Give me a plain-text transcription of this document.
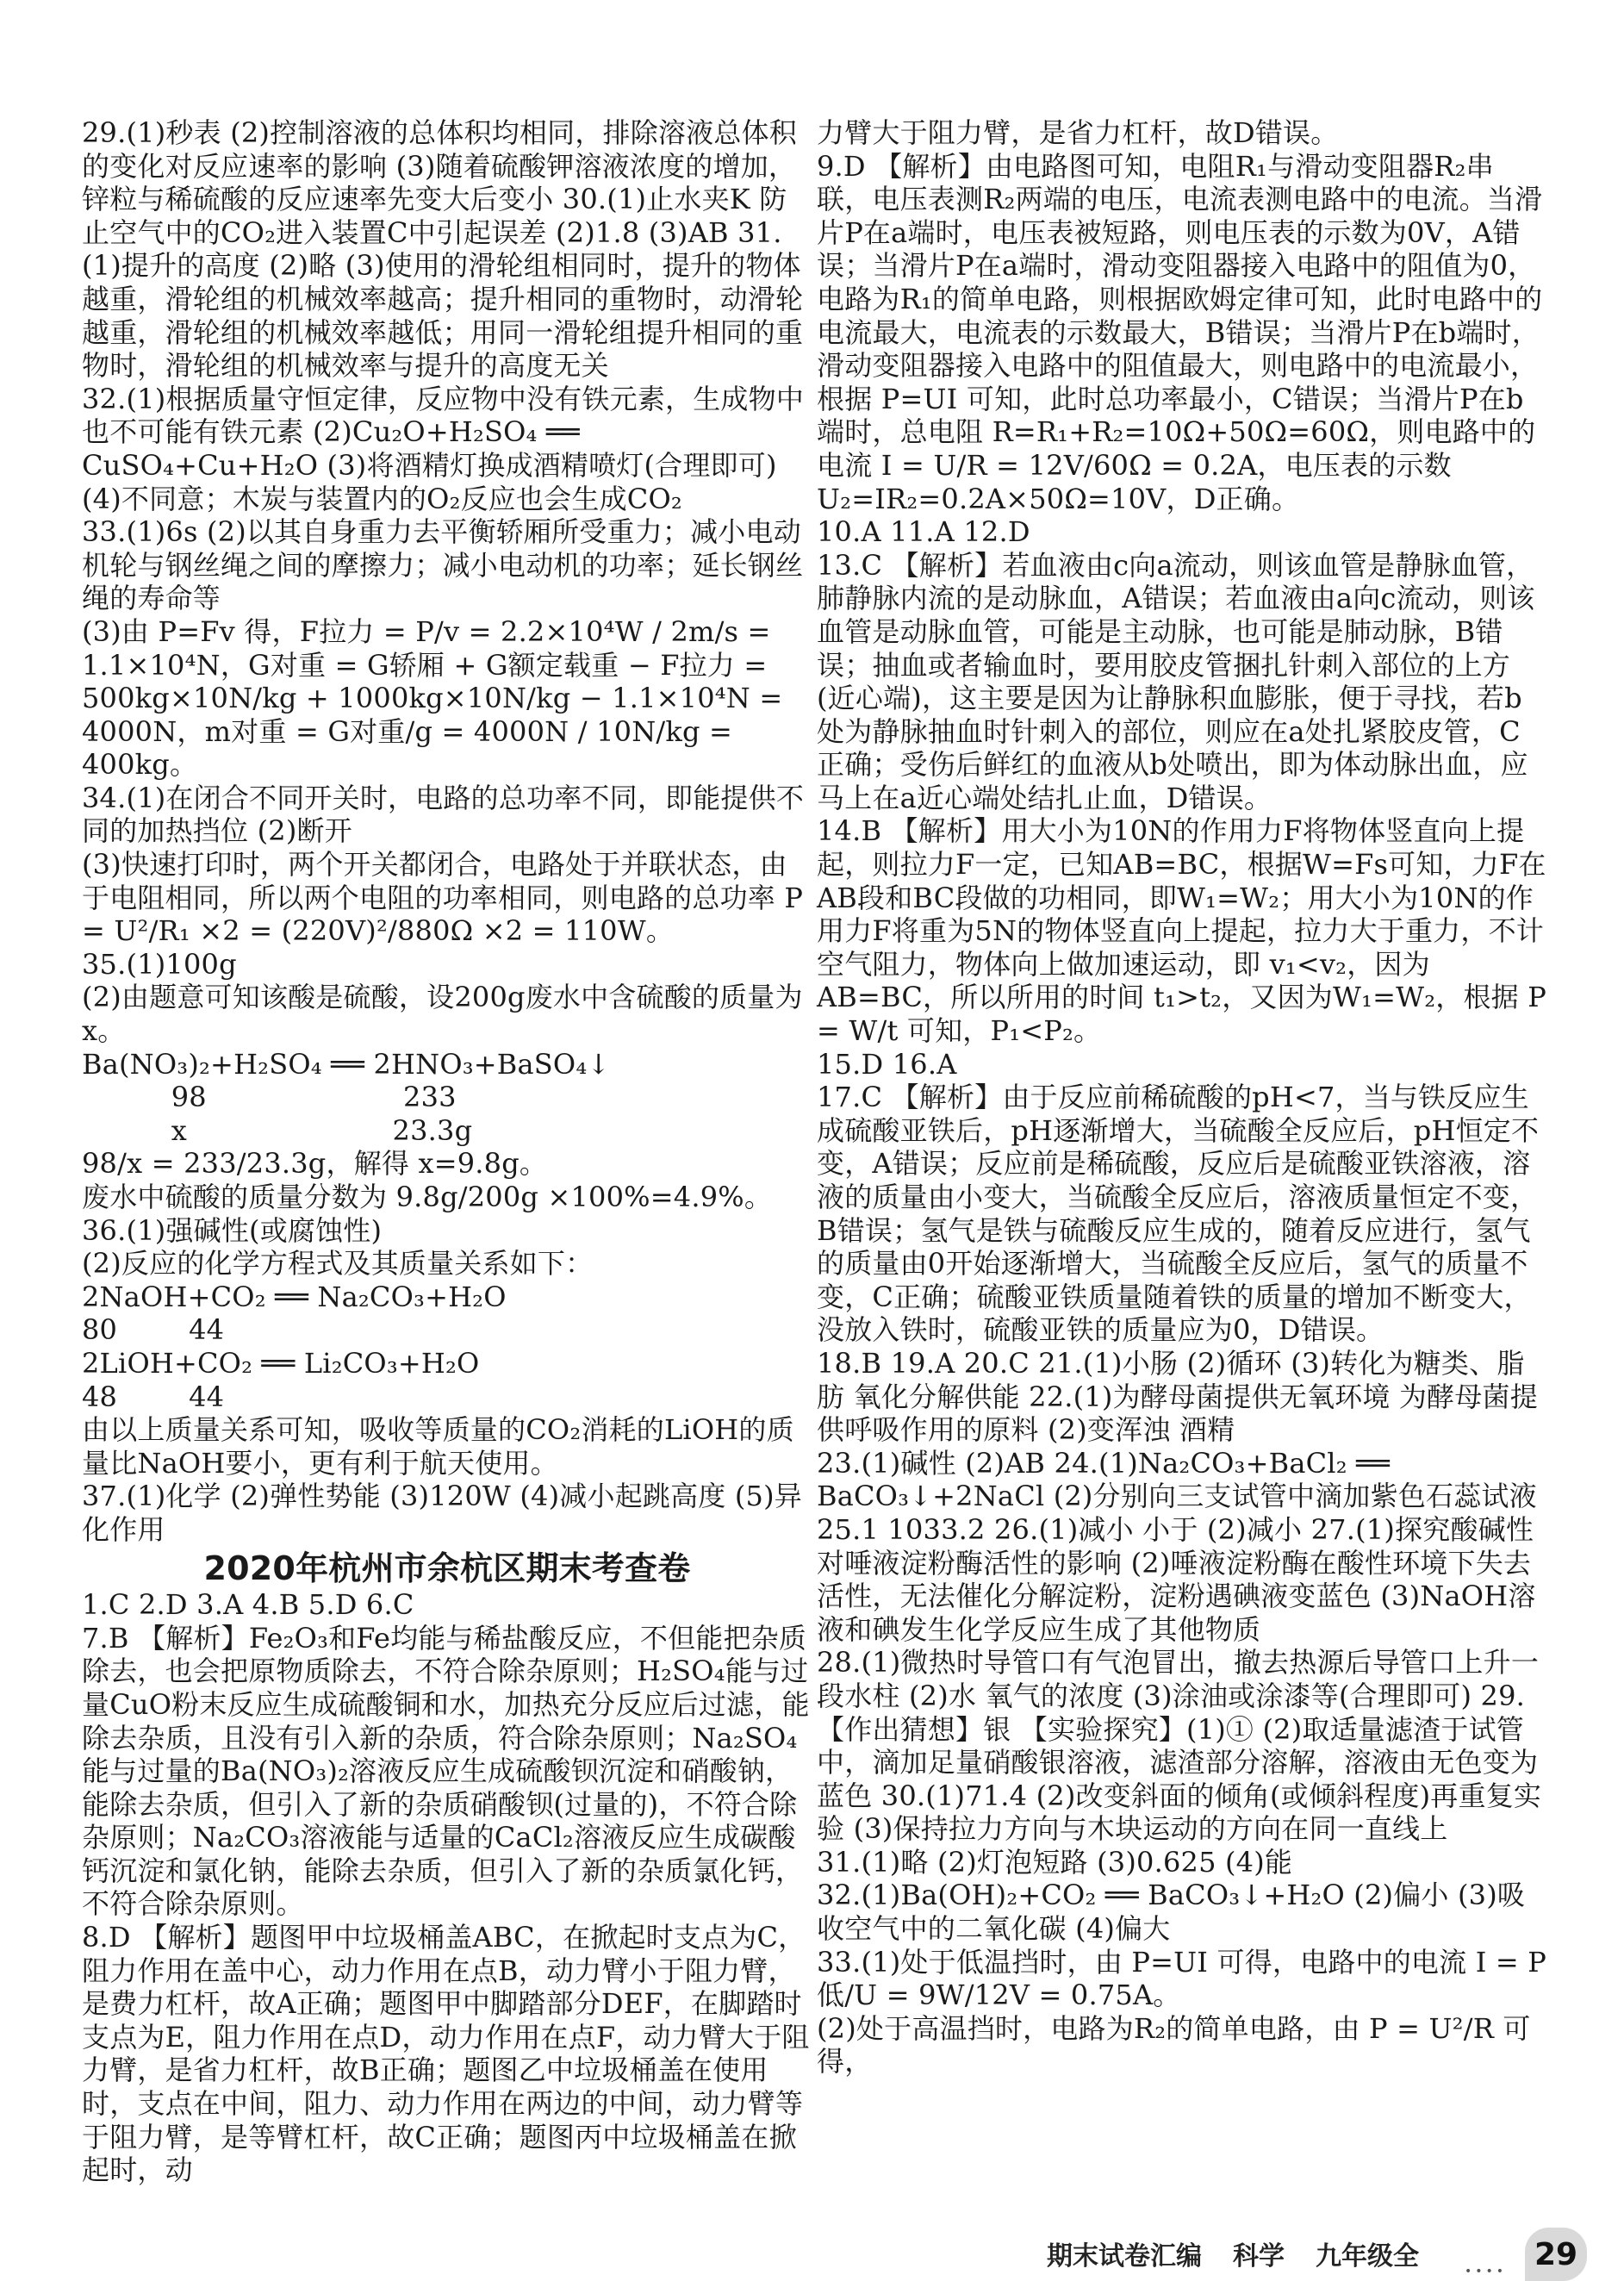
29.(1)秒表 (2)控制溶液的总体积均相同，排除溶液总体积的变化对反应速率的影响 (3)随着硫酸钾溶液浓度的增加，锌粒与稀硫酸的反应速率先变大后变小 30.(1)止水夹K 防止空气中的CO₂进入装置C中引起误差 (2)1.8 (3)AB 31.(1)提升的高度 (2)略 (3)使用的滑轮组相同时，提升的物体越重，滑轮组的机械效率越高；提升相同的重物时，动滑轮越重，滑轮组的机械效率越低；用同一滑轮组提升相同的重物时，滑轮组的机械效率与提升的高度无关
32.(1)根据质量守恒定律，反应物中没有铁元素，生成物中也不可能有铁元素 (2)Cu₂O+H₂SO₄ ══ CuSO₄+Cu+H₂O (3)将酒精灯换成酒精喷灯(合理即可) (4)不同意；木炭与装置内的O₂反应也会生成CO₂
33.(1)6s (2)以其自身重力去平衡轿厢所受重力；减小电动机轮与钢丝绳之间的摩擦力；减小电动机的功率；延长钢丝绳的寿命等
(3)由 P=Fv 得，F拉力 = P/v = 2.2×10⁴W / 2m/s = 1.1×10⁴N，G对重 = G轿厢 + G额定载重 − F拉力 = 500kg×10N/kg + 1000kg×10N/kg − 1.1×10⁴N = 4000N，m对重 = G对重/g = 4000N / 10N/kg = 400kg。
34.(1)在闭合不同开关时，电路的总功率不同，即能提供不同的加热挡位 (2)断开
(3)快速打印时，两个开关都闭合，电路处于并联状态，由于电阻相同，所以两个电阻的功率相同，则电路的总功率 P = U²/R₁ ×2 = (220V)²/880Ω ×2 = 110W。
35.(1)100g
(2)由题意可知该酸是硫酸，设200g废水中含硫酸的质量为x。
Ba(NO₃)₂+H₂SO₄ ══ 2HNO₃+BaSO₄↓
98                      233
x                       23.3g
98/x = 233/23.3g，解得 x=9.8g。
废水中硫酸的质量分数为 9.8g/200g ×100%=4.9%。
36.(1)强碱性(或腐蚀性)
(2)反应的化学方程式及其质量关系如下：
2NaOH+CO₂ ══ Na₂CO₃+H₂O
80        44
2LiOH+CO₂ ══ Li₂CO₃+H₂O
48        44
由以上质量关系可知，吸收等质量的CO₂消耗的LiOH的质量比NaOH要小，更有利于航天使用。
37.(1)化学 (2)弹性势能 (3)120W (4)减小起跳高度 (5)异化作用
2020年杭州市余杭区期末考查卷
1.C 2.D 3.A 4.B 5.D 6.C
7.B 【解析】Fe₂O₃和Fe均能与稀盐酸反应，不但能把杂质除去，也会把原物质除去，不符合除杂原则；H₂SO₄能与过量CuO粉末反应生成硫酸铜和水，加热充分反应后过滤，能除去杂质，且没有引入新的杂质，符合除杂原则；Na₂SO₄能与过量的Ba(NO₃)₂溶液反应生成硫酸钡沉淀和硝酸钠，能除去杂质，但引入了新的杂质硝酸钡(过量的)，不符合除杂原则；Na₂CO₃溶液能与适量的CaCl₂溶液反应生成碳酸钙沉淀和氯化钠，能除去杂质，但引入了新的杂质氯化钙，不符合除杂原则。
8.D 【解析】题图甲中垃圾桶盖ABC，在掀起时支点为C，阻力作用在盖中心，动力作用在点B，动力臂小于阻力臂，是费力杠杆，故A正确；题图甲中脚踏部分DEF，在脚踏时支点为E，阻力作用在点D，动力作用在点F，动力臂大于阻力臂，是省力杠杆，故B正确；题图乙中垃圾桶盖在使用时，支点在中间，阻力、动力作用在两边的中间，动力臂等于阻力臂，是等臂杠杆，故C正确；题图丙中垃圾桶盖在掀起时，动
力臂大于阻力臂，是省力杠杆，故D错误。
9.D 【解析】由电路图可知，电阻R₁与滑动变阻器R₂串联，电压表测R₂两端的电压，电流表测电路中的电流。当滑片P在a端时，电压表被短路，则电压表的示数为0V，A错误；当滑片P在a端时，滑动变阻器接入电路中的阻值为0，电路为R₁的简单电路，则根据欧姆定律可知，此时电路中的电流最大，电流表的示数最大，B错误；当滑片P在b端时，滑动变阻器接入电路中的阻值最大，则电路中的电流最小，根据 P=UI 可知，此时总功率最小，C错误；当滑片P在b端时，总电阻 R=R₁+R₂=10Ω+50Ω=60Ω，则电路中的电流 I = U/R = 12V/60Ω = 0.2A，电压表的示数 U₂=IR₂=0.2A×50Ω=10V，D正确。
10.A 11.A 12.D
13.C 【解析】若血液由c向a流动，则该血管是静脉血管，肺静脉内流的是动脉血，A错误；若血液由a向c流动，则该血管是动脉血管，可能是主动脉，也可能是肺动脉，B错误；抽血或者输血时，要用胶皮管捆扎针刺入部位的上方(近心端)，这主要是因为让静脉积血膨胀，便于寻找，若b处为静脉抽血时针刺入的部位，则应在a处扎紧胶皮管，C正确；受伤后鲜红的血液从b处喷出，即为体动脉出血，应马上在a近心端处结扎止血，D错误。
14.B 【解析】用大小为10N的作用力F将物体竖直向上提起，则拉力F一定，已知AB=BC，根据W=Fs可知，力F在AB段和BC段做的功相同，即W₁=W₂；用大小为10N的作用力F将重为5N的物体竖直向上提起，拉力大于重力，不计空气阻力，物体向上做加速运动，即 v₁<v₂，因为AB=BC，所以所用的时间 t₁>t₂，又因为W₁=W₂，根据 P = W/t 可知，P₁<P₂。
15.D 16.A
17.C 【解析】由于反应前稀硫酸的pH<7，当与铁反应生成硫酸亚铁后，pH逐渐增大，当硫酸全反应后，pH恒定不变，A错误；反应前是稀硫酸，反应后是硫酸亚铁溶液，溶液的质量由小变大，当硫酸全反应后，溶液质量恒定不变，B错误；氢气是铁与硫酸反应生成的，随着反应进行，氢气的质量由0开始逐渐增大，当硫酸全反应后，氢气的质量不变，C正确；硫酸亚铁质量随着铁的质量的增加不断变大，没放入铁时，硫酸亚铁的质量应为0，D错误。
18.B 19.A 20.C 21.(1)小肠 (2)循环 (3)转化为糖类、脂肪 氧化分解供能 22.(1)为酵母菌提供无氧环境 为酵母菌提供呼吸作用的原料 (2)变浑浊 酒精
23.(1)碱性 (2)AB 24.(1)Na₂CO₃+BaCl₂ ══ BaCO₃↓+2NaCl (2)分别向三支试管中滴加紫色石蕊试液
25.1 1033.2 26.(1)减小 小于 (2)减小 27.(1)探究酸碱性对唾液淀粉酶活性的影响 (2)唾液淀粉酶在酸性环境下失去活性，无法催化分解淀粉，淀粉遇碘液变蓝色 (3)NaOH溶液和碘发生化学反应生成了其他物质
28.(1)微热时导管口有气泡冒出，撤去热源后导管口上升一段水柱 (2)水 氧气的浓度 (3)涂油或涂漆等(合理即可) 29.【作出猜想】银 【实验探究】(1)① (2)取适量滤渣于试管中，滴加足量硝酸银溶液，滤渣部分溶解，溶液由无色变为蓝色 30.(1)71.4 (2)改变斜面的倾角(或倾斜程度)再重复实验 (3)保持拉力方向与木块运动的方向在同一直线上
31.(1)略 (2)灯泡短路 (3)0.625 (4)能
32.(1)Ba(OH)₂+CO₂ ══ BaCO₃↓+H₂O (2)偏小 (3)吸收空气中的二氧化碳 (4)偏大
33.(1)处于低温挡时，由 P=UI 可得，电路中的电流 I = P低/U = 9W/12V = 0.75A。
(2)处于高温挡时，电路为R₂的简单电路，由 P = U²/R 可得，
期末试卷汇编 科学 九年级全	•••• 29
